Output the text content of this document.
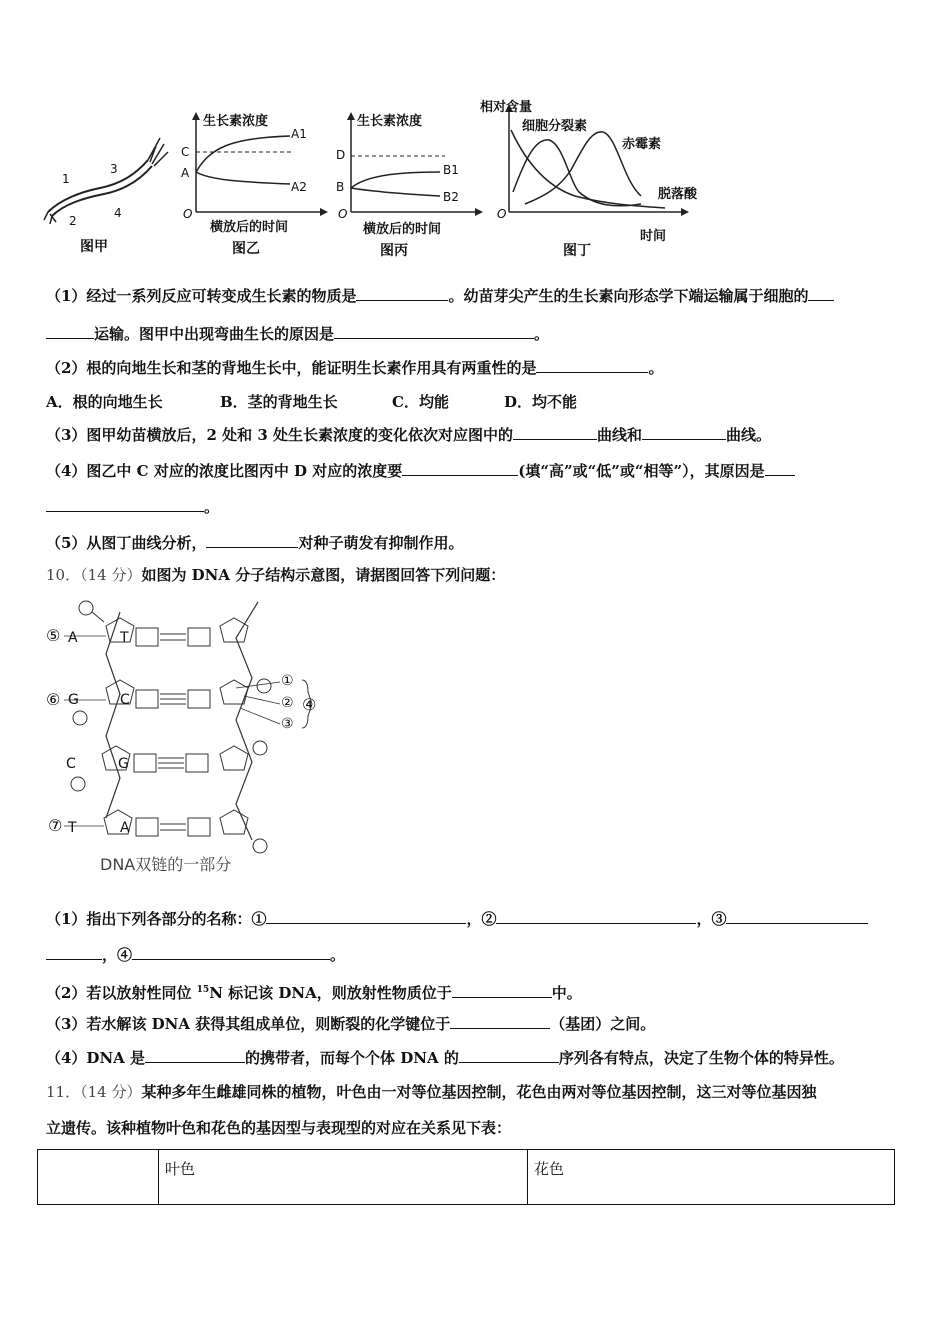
1
2
3
4
图甲
生长素浓度
A1
C
A
A2
O
横放后的时间
图乙
生长素浓度
D
B1
B
B2
O
横放后的时间
图丙
相对含量
细胞分裂素
赤霉素
脱落酸
O
时间
图丁
（1）经过一系列反应可转变成生长素的物质是	。幼苗芽尖产生的生长素向形态学下端运输属于细胞的
运输。图甲中出现弯曲生长的原因是	。
（2）根的向地生长和茎的背地生长中，能证明生长素作用具有两重性的是	。
A．根的向地生长	B．茎的背地生长	C．均能	D．均不能
（3）图甲幼苗横放后，2 处和 3 处生长素浓度的变化依次对应图中的	曲线和	曲线。
（4）图乙中 C 对应的浓度比图丙中 D 对应的浓度要	(填“高”或“低”或“相等”），其原因是
。
（5）从图丁曲线分析，	对种子萌发有抑制作用。
10．（14 分）如图为 DNA 分子结构示意图，请据图回答下列问题：
A	T
G	C
C	G
T	A
⑤
⑥
⑦
①
②
③
④
DNA双链的一部分
（1）指出下列各部分的名称：①	，②	，③
，④	。
（2）若以放射性同位 $^{15}$N 标记该 DNA，则放射性物质位于	中。
（3）若水解该 DNA 获得其组成单位，则断裂的化学键位于	（基团）之间。
（4）DNA 是	的携带者，而每个个体 DNA 的	序列各有特点，决定了生物个体的特异性。
11．（14 分）某种多年生雌雄同株的植物，叶色由一对等位基因控制，花色由两对等位基因控制，这三对等位基因独
立遗传。该种植物叶色和花色的基因型与表现型的对应在关系见下表：
	叶色	花色
